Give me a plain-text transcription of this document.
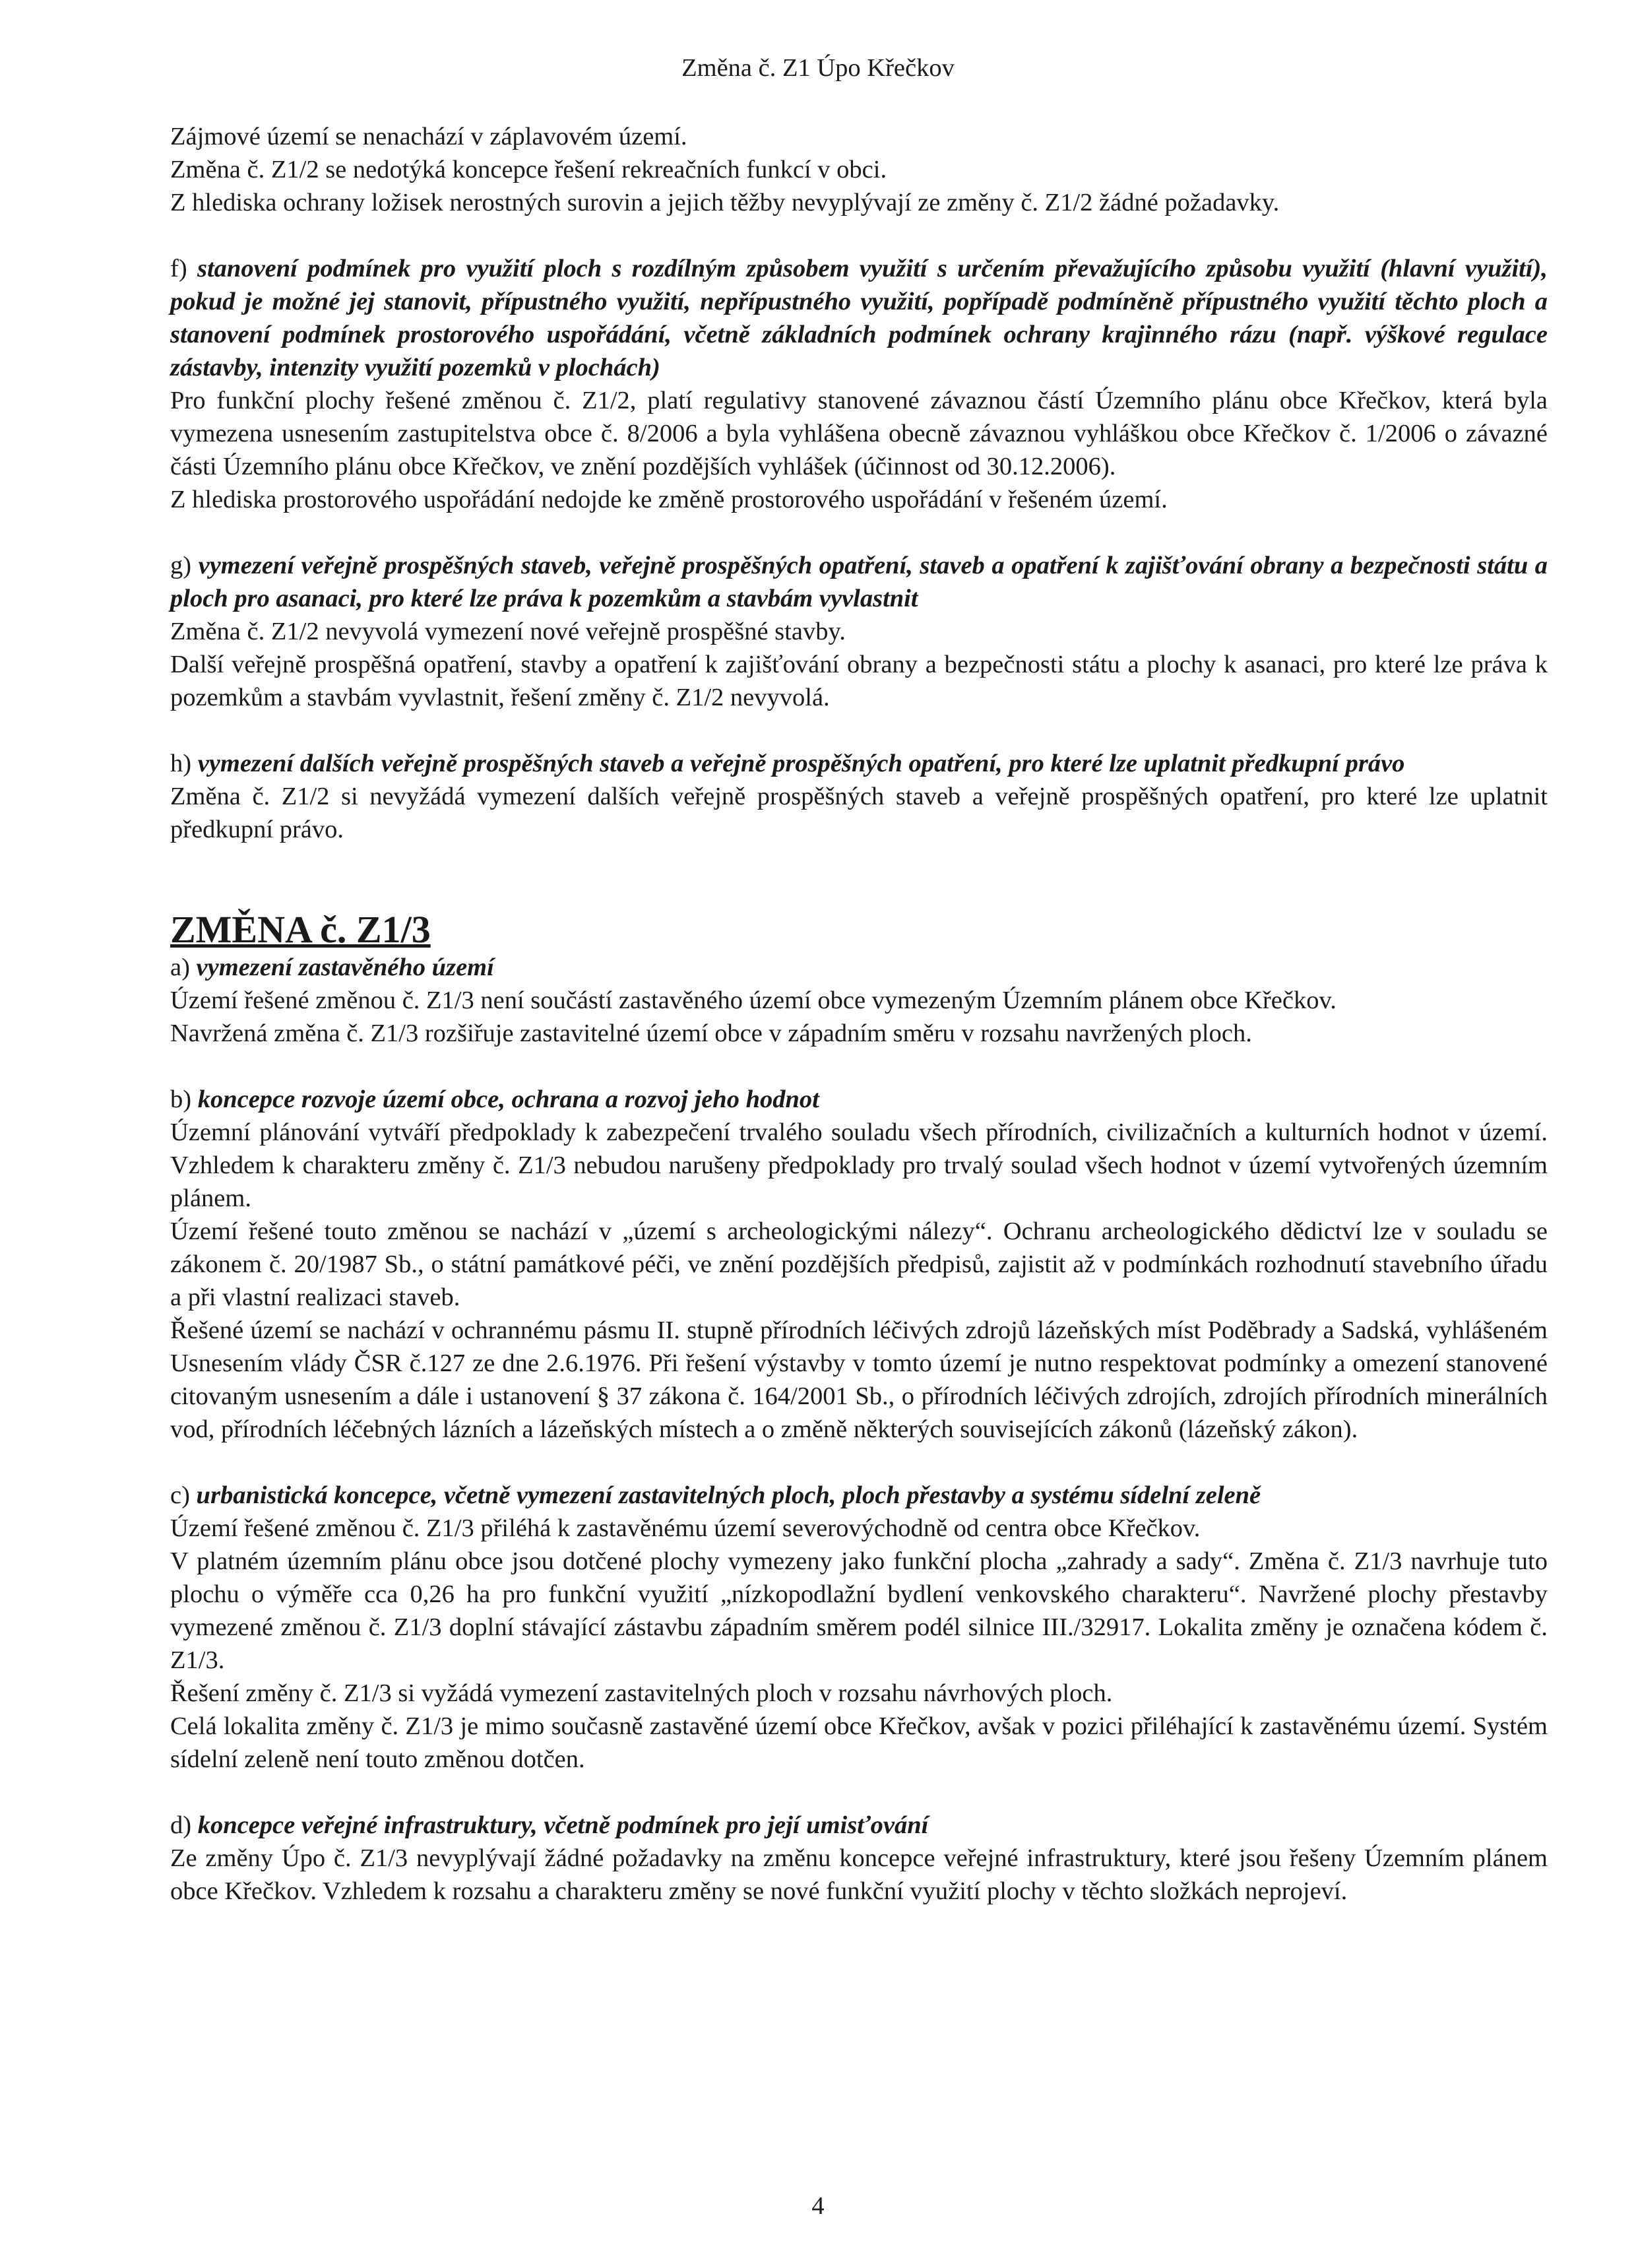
Změna č. Z1 Úpo Křečkov

Zájmové území se nenachází v záplavovém území.

Změna č. Z1/2 se nedotýká koncepce řešení rekreačních funkcí v obci.

Z hlediska ochrany ložisek nerostných surovin a jejich těžby nevyplývají ze změny č. Z1/2 žádné požadavky.

f) stanovení podmínek pro využití ploch s rozdílným způsobem využití s určením převažujícího způsobu využití (hlavní využití), pokud je možné jej stanovit, přípustného využití, nepřípustného využití, popřípadě podmíněně přípustného využití těchto ploch a stanovení podmínek prostorového uspořádání, včetně základních podmínek ochrany krajinného rázu (např. výškové regulace zástavby, intenzity využití pozemků v plochách)

Pro funkční plochy řešené změnou č. Z1/2, platí regulativy stanovené závaznou částí Územního plánu obce Křečkov, která byla vymezena usnesením zastupitelstva obce č. 8/2006 a byla vyhlášena obecně závaznou vyhláškou obce Křečkov č. 1/2006 o závazné části Územního plánu obce Křečkov, ve znění pozdějších vyhlášek (účinnost od 30.12.2006).

Z hlediska prostorového uspořádání nedojde ke změně prostorového uspořádání v řešeném území.

g) vymezení veřejně prospěšných staveb, veřejně prospěšných opatření, staveb a opatření k zajišťování obrany a bezpečnosti státu a ploch pro asanaci, pro které lze práva k pozemkům a stavbám vyvlastnit

Změna č. Z1/2 nevyvolá vymezení nové veřejně prospěšné stavby.

Další veřejně prospěšná opatření, stavby a opatření k zajišťování obrany a bezpečnosti státu a plochy k asanaci, pro které lze práva k pozemkům a stavbám vyvlastnit, řešení změny č. Z1/2 nevyvolá.

h) vymezení dalších veřejně prospěšných staveb a veřejně prospěšných opatření, pro které lze uplatnit předkupní právo

Změna č. Z1/2 si nevyžádá vymezení dalších veřejně prospěšných staveb a veřejně prospěšných opatření, pro které lze uplatnit předkupní právo.

ZMĚNA č. Z1/3

a) vymezení zastavěného území

Území řešené změnou č. Z1/3 není součástí zastavěného území obce vymezeným Územním plánem obce Křečkov.

Navržená změna č. Z1/3 rozšiřuje zastavitelné území obce v západním směru v rozsahu navržených ploch.

b) koncepce rozvoje území obce, ochrana a rozvoj jeho hodnot

Územní plánování vytváří předpoklady k zabezpečení trvalého souladu všech přírodních, civilizačních a kulturních hodnot v území. Vzhledem k charakteru změny č. Z1/3 nebudou narušeny předpoklady pro trvalý soulad všech hodnot v území vytvořených územním plánem.

Území řešené touto změnou se nachází v „území s archeologickými nálezy“. Ochranu archeologického dědictví lze v souladu se zákonem č. 20/1987 Sb., o státní památkové péči, ve znění pozdějších předpisů, zajistit až v podmínkách rozhodnutí stavebního úřadu a při vlastní realizaci staveb.

Řešené území se nachází v ochrannému pásmu II. stupně přírodních léčivých zdrojů lázeňských míst Poděbrady a Sadská, vyhlášeném Usnesením vlády ČSR č.127 ze dne 2.6.1976. Při řešení výstavby v tomto území je nutno respektovat podmínky a omezení stanovené citovaným usnesením a dále i ustanovení § 37 zákona č. 164/2001 Sb., o přírodních léčivých zdrojích, zdrojích přírodních minerálních vod, přírodních léčebných lázních a lázeňských místech a o změně některých souvisejících zákonů (lázeňský zákon).

c) urbanistická koncepce, včetně vymezení zastavitelných ploch, ploch přestavby a systému sídelní zeleně

Území řešené změnou č. Z1/3 přiléhá k zastavěnému území severovýchodně od centra obce Křečkov.

V platném územním plánu obce jsou dotčené plochy vymezeny jako funkční plocha „zahrady a sady“. Změna č. Z1/3 navrhuje tuto plochu o výměře cca 0,26 ha pro funkční využití „nízkopodlažní bydlení venkovského charakteru“. Navržené plochy přestavby vymezené změnou č. Z1/3 doplní stávající zástavbu západním směrem podél silnice III./32917. Lokalita změny je označena kódem č. Z1/3.

Řešení změny č. Z1/3 si vyžádá vymezení zastavitelných ploch v rozsahu návrhových ploch.

Celá lokalita změny č. Z1/3 je mimo současně zastavěné území obce Křečkov, avšak v pozici přiléhající k zastavěnému území. Systém sídelní zeleně není touto změnou dotčen.

d) koncepce veřejné infrastruktury, včetně podmínek pro její umisťování

Ze změny Úpo č. Z1/3 nevyplývají žádné požadavky na změnu koncepce veřejné infrastruktury, které jsou řešeny Územním plánem obce Křečkov. Vzhledem k rozsahu a charakteru změny se nové funkční využití plochy v těchto složkách neprojeví.

4
